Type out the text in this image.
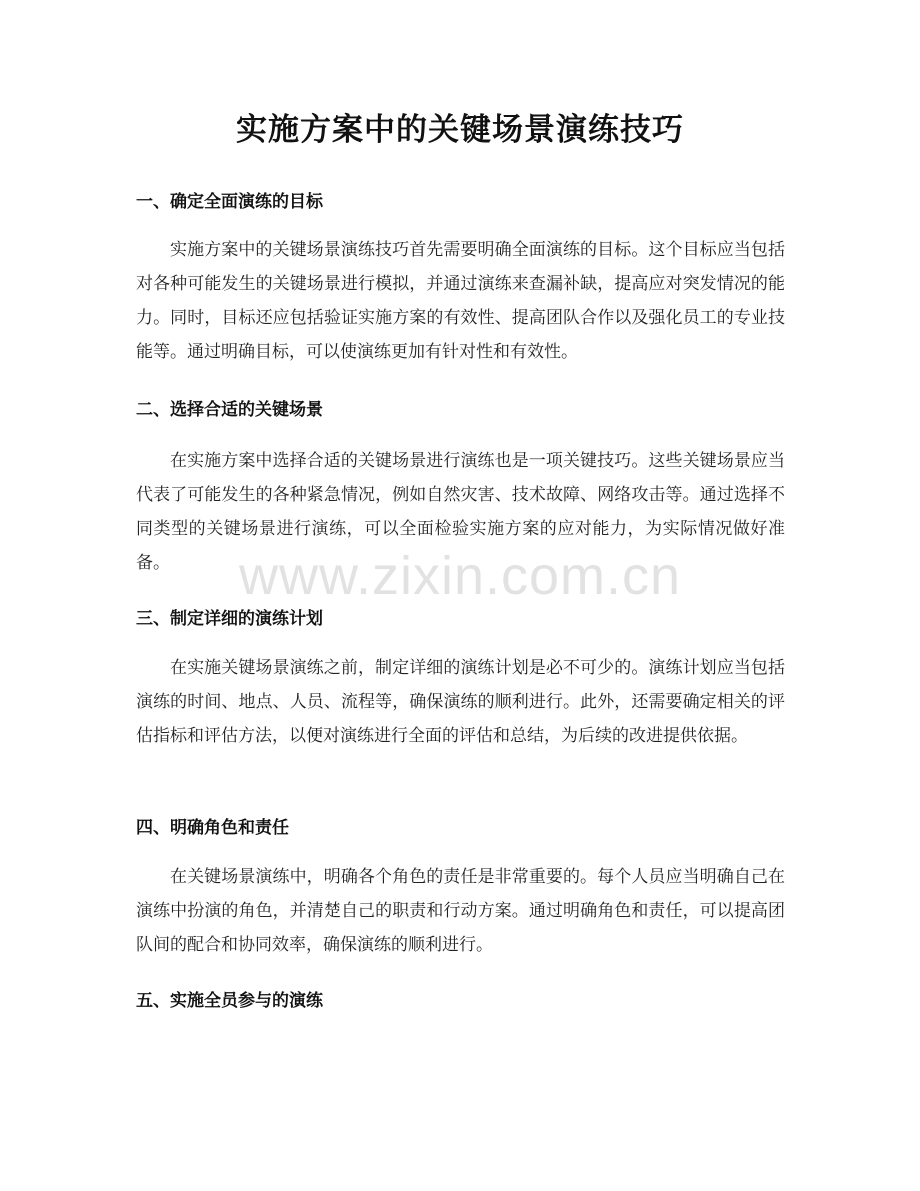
实施方案中的关键场景演练技巧
一、确定全面演练的目标

实施方案中的关键场景演练技巧首先需要明确全面演练的目标。这个目标应当包括对各种可能发生的关键场景进行模拟，并通过演练来查漏补缺，提高应对突发情况的能力。同时，目标还应包括验证实施方案的有效性、提高团队合作以及强化员工的专业技能等。通过明确目标，可以使演练更加有针对性和有效性。

二、选择合适的关键场景

在实施方案中选择合适的关键场景进行演练也是一项关键技巧。这些关键场景应当代表了可能发生的各种紧急情况，例如自然灾害、技术故障、网络攻击等。通过选择不同类型的关键场景进行演练，可以全面检验实施方案的应对能力，为实际情况做好准备。

三、制定详细的演练计划

在实施关键场景演练之前，制定详细的演练计划是必不可少的。演练计划应当包括演练的时间、地点、人员、流程等，确保演练的顺利进行。此外，还需要确定相关的评估指标和评估方法，以便对演练进行全面的评估和总结，为后续的改进提供依据。

四、明确角色和责任

在关键场景演练中，明确各个角色的责任是非常重要的。每个人员应当明确自己在演练中扮演的角色，并清楚自己的职责和行动方案。通过明确角色和责任，可以提高团队间的配合和协同效率，确保演练的顺利进行。

五、实施全员参与的演练
www.zixin.com.cn
